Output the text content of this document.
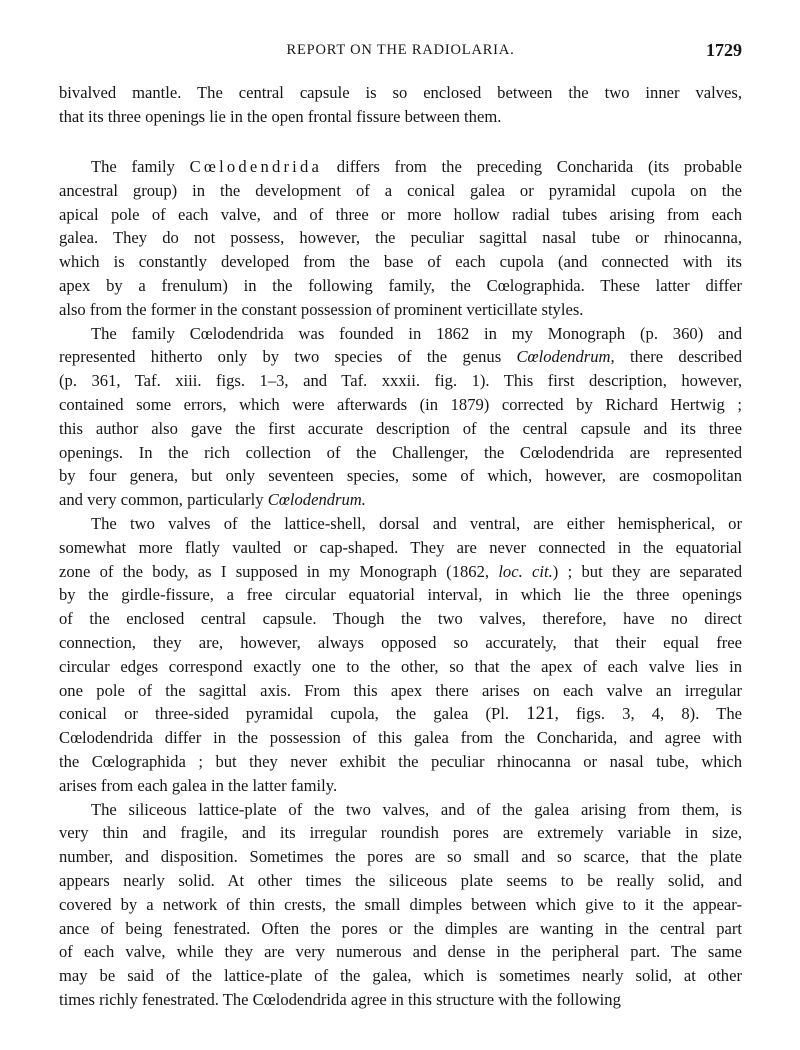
REPORT ON THE RADIOLARIA.	1729
bivalved mantle. The central capsule is so enclosed between the two inner valves,
that its three openings lie in the open frontal fissure between them.
The family Cœlodendrida differs from the preceding Concharida (its probable
ancestral group) in the development of a conical galea or pyramidal cupola on the
apical pole of each valve, and of three or more hollow radial tubes arising from each
galea. They do not possess, however, the peculiar sagittal nasal tube or rhinocanna,
which is constantly developed from the base of each cupola (and connected with its
apex by a frenulum) in the following family, the Cœlographida. These latter differ
also from the former in the constant possession of prominent verticillate styles.
The family Cœlodendrida was founded in 1862 in my Monograph (p. 360) and
represented hitherto only by two species of the genus Cœlodendrum, there described
(p. 361, Taf. xiii. figs. 1–3, and Taf. xxxii. fig. 1). This first description, however,
contained some errors, which were afterwards (in 1879) corrected by Richard Hertwig ;
this author also gave the first accurate description of the central capsule and its three
openings. In the rich collection of the Challenger, the Cœlodendrida are represented
by four genera, but only seventeen species, some of which, however, are cosmopolitan
and very common, particularly Cœlodendrum.
The two valves of the lattice-shell, dorsal and ventral, are either hemispherical, or
somewhat more flatly vaulted or cap-shaped. They are never connected in the equatorial
zone of the body, as I supposed in my Monograph (1862, loc. cit.) ; but they are separated
by the girdle-fissure, a free circular equatorial interval, in which lie the three openings
of the enclosed central capsule. Though the two valves, therefore, have no direct
connection, they are, however, always opposed so accurately, that their equal free
circular edges correspond exactly one to the other, so that the apex of each valve lies in
one pole of the sagittal axis. From this apex there arises on each valve an irregular
conical or three-sided pyramidal cupola, the galea (Pl. 121, figs. 3, 4, 8). The
Cœlodendrida differ in the possession of this galea from the Concharida, and agree with
the Cœlographida ; but they never exhibit the peculiar rhinocanna or nasal tube, which
arises from each galea in the latter family.
The siliceous lattice-plate of the two valves, and of the galea arising from them, is
very thin and fragile, and its irregular roundish pores are extremely variable in size,
number, and disposition. Sometimes the pores are so small and so scarce, that the plate
appears nearly solid. At other times the siliceous plate seems to be really solid, and
covered by a network of thin crests, the small dimples between which give to it the appear-
ance of being fenestrated. Often the pores or the dimples are wanting in the central part
of each valve, while they are very numerous and dense in the peripheral part. The same
may be said of the lattice-plate of the galea, which is sometimes nearly solid, at other
times richly fenestrated. The Cœlodendrida agree in this structure with the following
